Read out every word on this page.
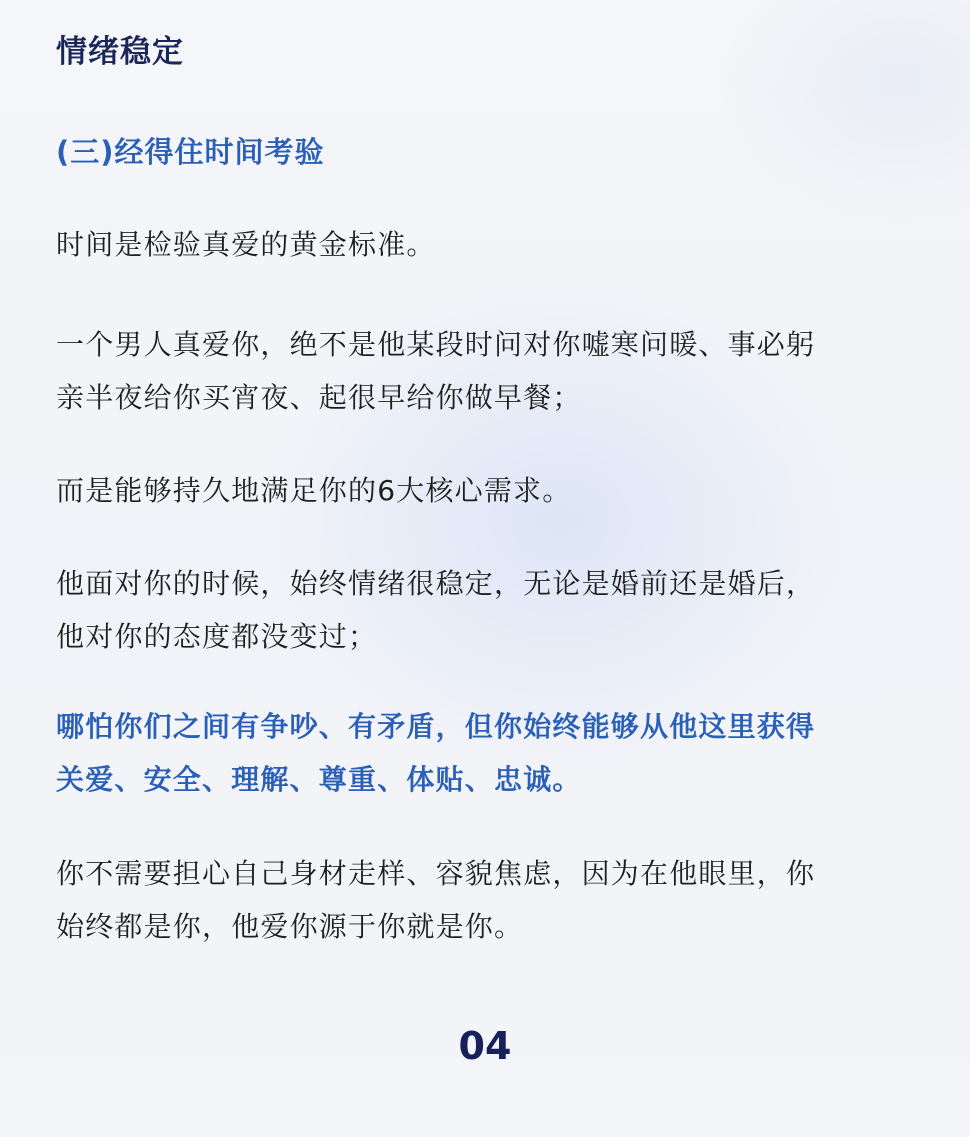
情绪稳定
(三)经得住时间考验
时间是检验真爱的黄金标准。
一个男人真爱你，绝不是他某段时问对你嘘寒问暖、事必躬
亲半夜给你买宵夜、起很早给你做早餐；
而是能够持久地满足你的6大核心需求。
他面对你的时候，始终情绪很稳定，无论是婚前还是婚后，
他对你的态度都没变过；
哪怕你们之间有争吵、有矛盾，但你始终能够从他这里获得
关爱、安全、理解、尊重、体贴、忠诚。
你不需要担心自己身材走样、容貌焦虑，因为在他眼里，你
始终都是你，他爱你源于你就是你。
04
